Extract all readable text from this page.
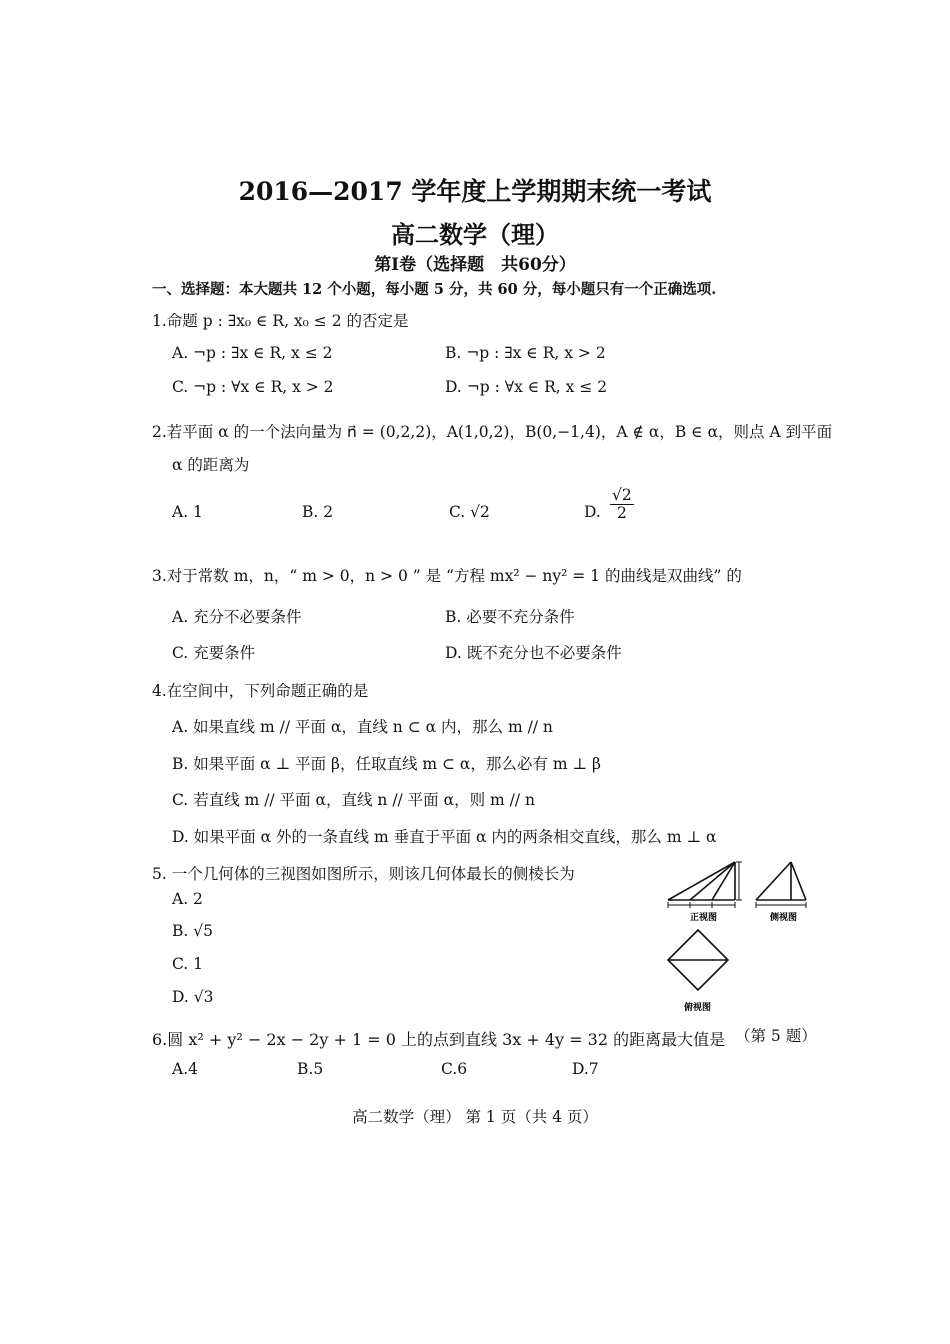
2016—2017 学年度上学期期末统一考试
高二数学（理）
第Ⅰ卷（选择题　共60分）
一、选择题：本大题共 12 个小题，每小题 5 分，共 60 分，每小题只有一个正确选项.
1.命题 p : ∃x₀ ∈ R, x₀ ≤ 2 的否定是
A. ¬p : ∃x ∈ R, x ≤ 2	B. ¬p : ∃x ∈ R, x > 2
C. ¬p : ∀x ∈ R, x > 2	D. ¬p : ∀x ∈ R, x ≤ 2
2.若平面 α 的一个法向量为 n⃗ = (0,2,2)，A(1,0,2)，B(0,−1,4)，A ∉ α，B ∈ α，则点 A 到平面
α 的距离为
A. 1	B. 2	C. √2	D. $\frac{√2}{2}$
3.对于常数 m，n，“ m > 0，n > 0 ” 是 “方程 mx² − ny² = 1 的曲线是双曲线” 的
A. 充分不必要条件	B. 必要不充分条件
C. 充要条件	D. 既不充分也不必要条件
4.在空间中，下列命题正确的是
A. 如果直线 m // 平面 α，直线 n ⊂ α 内，那么 m // n
B. 如果平面 α ⊥ 平面 β，任取直线 m ⊂ α，那么必有 m ⊥ β
C. 若直线 m // 平面 α，直线 n // 平面 α，则 m // n
D. 如果平面 α 外的一条直线 m 垂直于平面 α 内的两条相交直线，那么 m ⊥ α
5. 一个几何体的三视图如图所示，则该几何体最长的侧棱长为
A. 2
B. √5
C. 1
D. √3
正视图	侧视图
俯视图
6.圆 x² + y² − 2x − 2y + 1 = 0 上的点到直线 3x + 4y = 32 的距离最大值是 （第 5 题）
A.4	B.5	C.6	D.7
高二数学（理） 第 1 页（共 4 页）
